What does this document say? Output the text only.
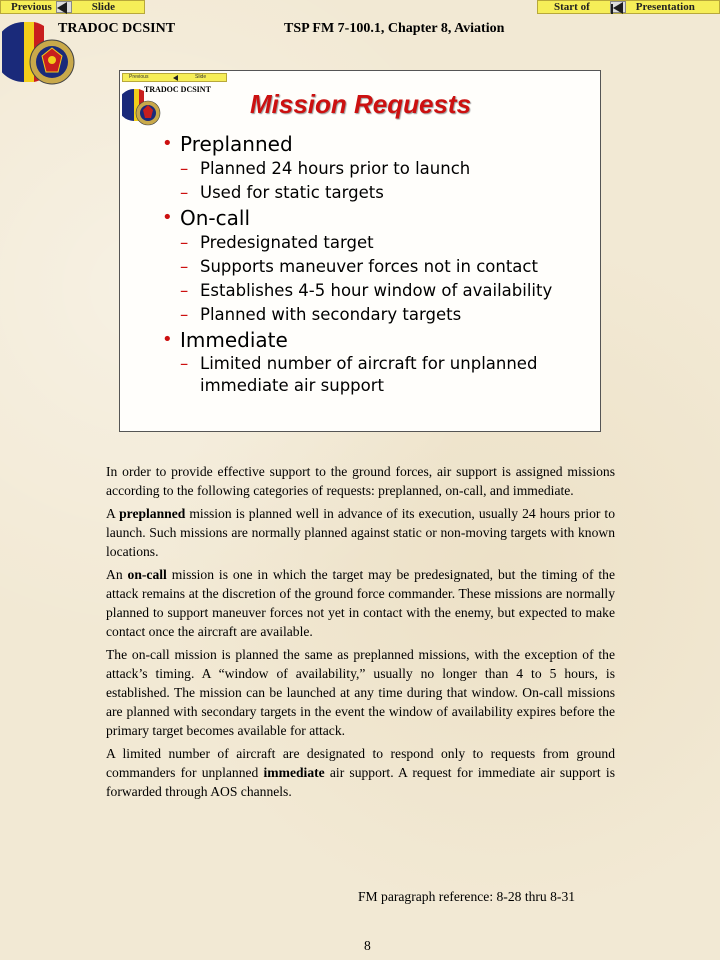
Previous	Slide	Start of	Presentation
TRADOC DCSINT	TSP FM 7-100.1, Chapter 8, Aviation
Previous	Slide
TRADOC DCSINT Mission Requests
• Preplanned
– Planned 24 hours prior to launch
– Used for static targets
• On-call
– Predesignated target
– Supports maneuver forces not in contact
– Establishes 4-5 hour window of availability
– Planned with secondary targets
• Immediate
– Limited number of aircraft for unplanned immediate air support

In order to provide effective support to the ground forces, air support is assigned missions according to the following categories of requests: preplanned, on-call, and immediate.

A preplanned mission is planned well in advance of its execution, usually 24 hours prior to launch. Such missions are normally planned against static or non-moving targets with known locations.

An on-call mission is one in which the target may be predesignated, but the timing of the attack remains at the discretion of the ground force commander. These missions are normally planned to support maneuver forces not yet in contact with the enemy, but expected to make contact once the aircraft are available.

The on-call mission is planned the same as preplanned missions, with the exception of the attack’s timing. A “window of availability,” usually no longer than 4 to 5 hours, is established. The mission can be launched at any time during that window. On-call missions are planned with secondary targets in the event the window of availability expires before the primary target becomes available for attack.

A limited number of aircraft are designated to respond only to requests from ground commanders for unplanned immediate air support. A request for immediate air support is forwarded through AOS channels.

FM paragraph reference: 8-28 thru 8-31
8
